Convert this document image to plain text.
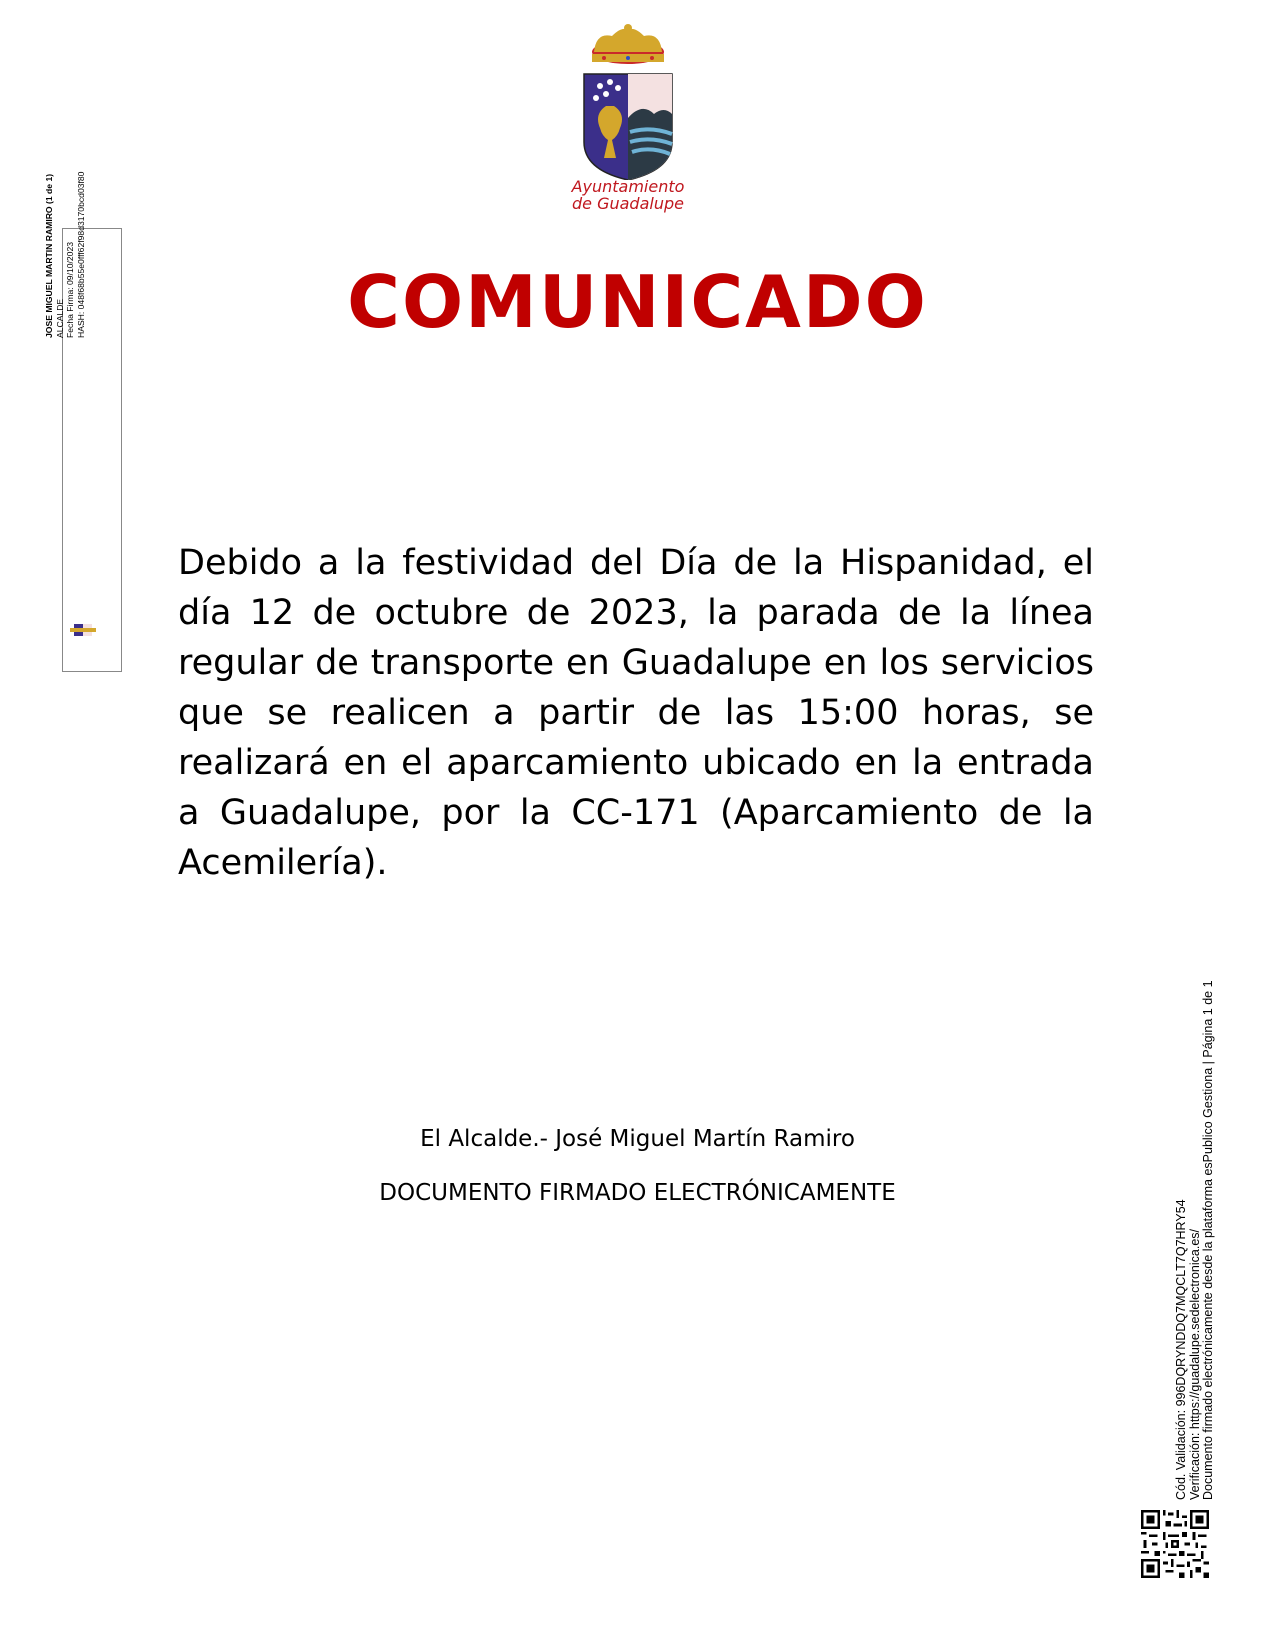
Ayuntamiento
de Guadalupe
COMUNICADO
Debido a la festividad del Día de la Hispanidad, el día 12 de octubre de 2023, la parada de la línea regular de transporte en Guadalupe en los servicios que se realicen a partir de las 15:00 horas, se realizará en el aparcamiento ubicado en la entrada a Guadalupe, por la CC-171 (Aparcamiento de la Acemilería).
El Alcalde.- José Miguel Martín Ramiro
DOCUMENTO FIRMADO ELECTRÓNICAMENTE
JOSE MIGUEL MARTIN RAMIRO (1 de 1) ALCALDE Fecha Firma: 09/10/2023 HASH: 048f68b55e0fff62f98d3170bcd03f80
Cód. Validación: 996DQRYNDDQ7MQCLT7Q7HRY54 Verificación: https://guadalupe.sedelectronica.es/ Documento firmado electrónicamente desde la plataforma esPublico Gestiona | Página 1 de 1
